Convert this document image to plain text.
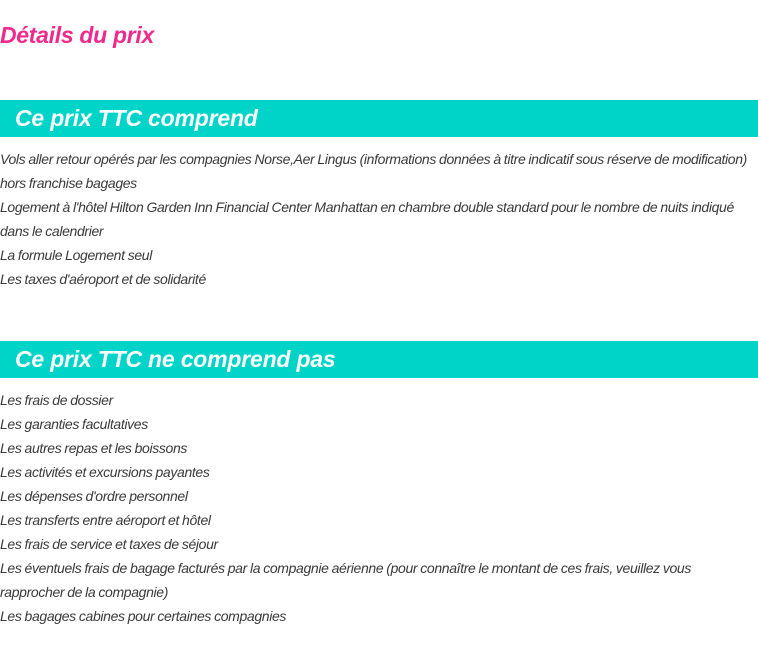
Détails du prix
Ce prix TTC comprend
Vols aller retour opérés par les compagnies Norse,Aer Lingus (informations données à titre indicatif sous réserve de modification) hors franchise bagages
Logement à l'hôtel Hilton Garden Inn Financial Center Manhattan en chambre double standard pour le nombre de nuits indiqué dans le calendrier
La formule Logement seul
Les taxes d'aéroport et de solidarité
Ce prix TTC ne comprend pas
Les frais de dossier
Les garanties facultatives
Les autres repas et les boissons
Les activités et excursions payantes
Les dépenses d'ordre personnel
Les transferts entre aéroport et hôtel
Les frais de service et taxes de séjour
Les éventuels frais de bagage facturés par la compagnie aérienne (pour connaître le montant de ces frais, veuillez vous rapprocher de la compagnie)
Les bagages cabines pour certaines compagnies
